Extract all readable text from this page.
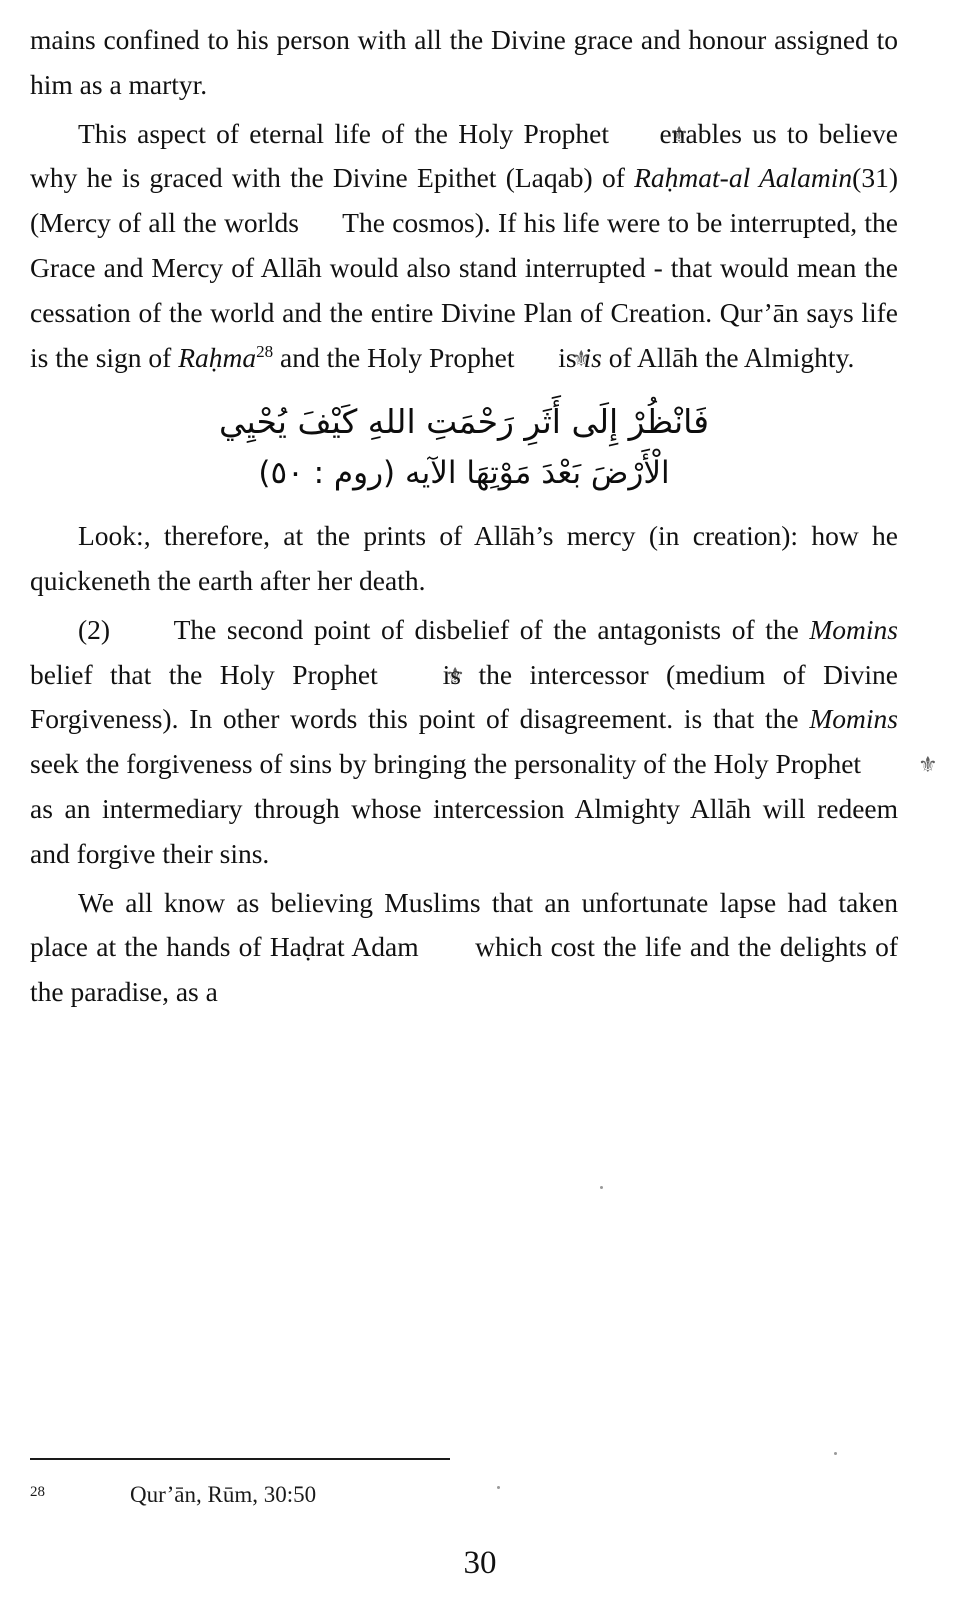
mains confined to his person with all the Divine grace and honour assigned to him as a martyr.

This aspect of eternal life of the Holy Prophet ⚜ enables us to believe why he is graced with the Divine Epithet (Laqab) of Raḥmat-al Aalamin(31) (Mercy of all the worlds      The cosmos). If his life were to be interrupted, the Grace and Mercy of Allāh would also stand interrupted - that would mean the cessation of the world and the entire Divine Plan of Creation. Qur’ān says life is the sign of Raḥma$^{28}$ and the Holy Prophet ⚜ is is of Allāh the Almighty.

فَانْظُرْ إِلَى أَثَرِ رَحْمَتِ اللهِ كَيْفَ يُحْيِي
الْأَرْضَ بَعْدَ مَوْتِهَا الآيه (روم : ٥٠)

Look:, therefore, at the prints of Allāh’s mercy (in creation): how he quickeneth the earth after her death.

(2)      The second point of disbelief of the antagonists of the Momins belief that the Holy Prophet ⚜ is the intercessor (medium of Divine Forgiveness). In other words this point of disagreement. is that the Momins seek the forgiveness of sins by bringing the personality of the Holy Prophet ⚜ as an intermediary through whose intercession Almighty Allāh will redeem and forgive their sins.

We all know as believing Muslims that an unfortunate lapse had taken place at the hands of Haḍrat Adam  which cost the life and the delights of the paradise, as a

28	Qur’ān, Rūm, 30:50
30
